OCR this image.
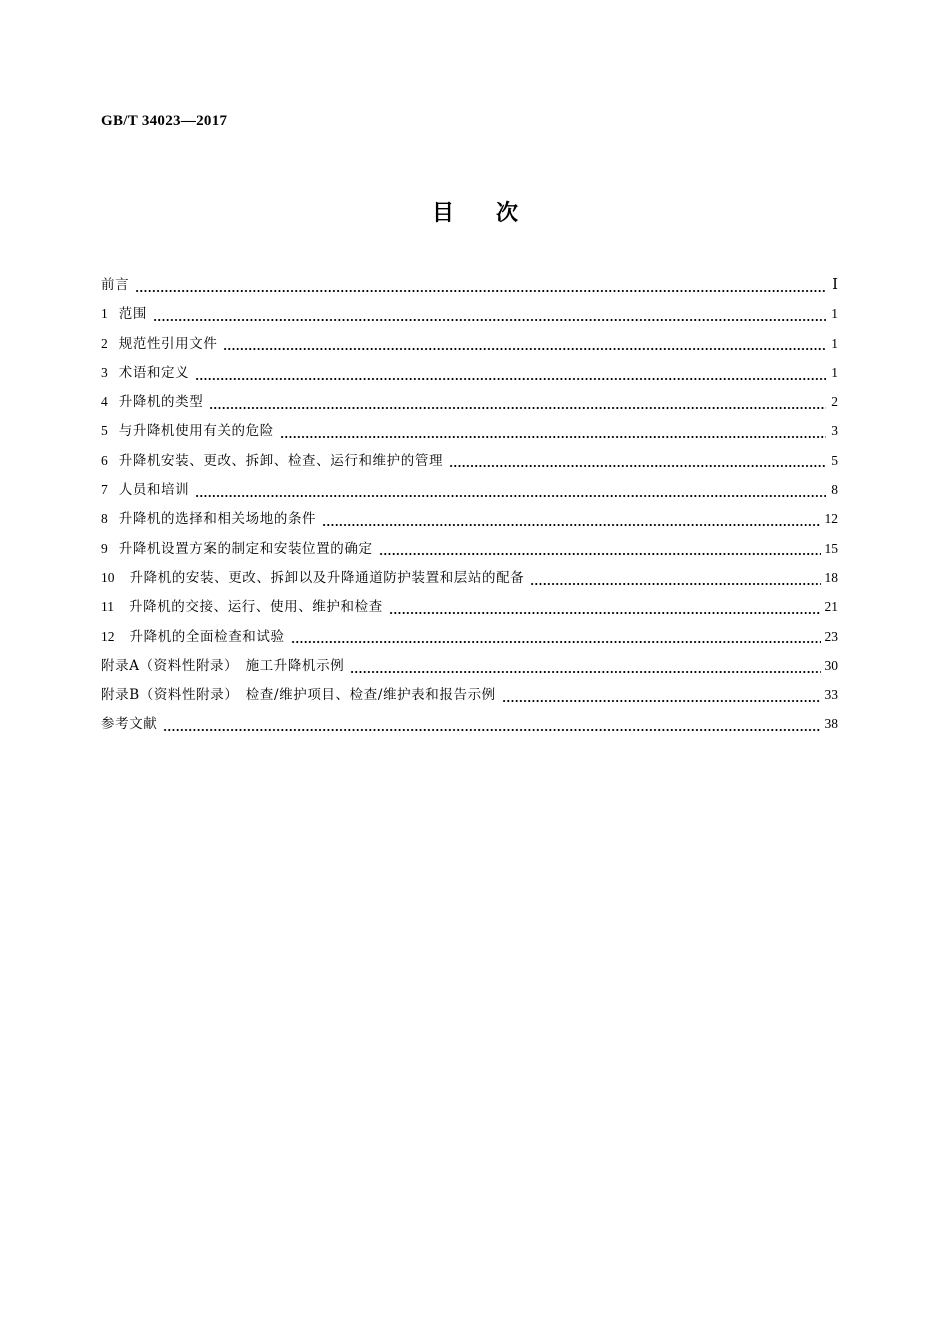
GB/T 34023—2017
目 次
前言	Ⅰ
1 范围	1
2 规范性引用文件	1
3 术语和定义	1
4 升降机的类型	2
5 与升降机使用有关的危险	3
6 升降机安装、更改、拆卸、检查、运行和维护的管理	5
7 人员和培训	8
8 升降机的选择和相关场地的条件	12
9 升降机设置方案的制定和安装位置的确定	15
10 升降机的安装、更改、拆卸以及升降通道防护装置和层站的配备	18
11 升降机的交接、运行、使用、维护和检查	21
12 升降机的全面检查和试验	23
附录A（资料性附录）　施工升降机示例	30
附录B（资料性附录）　检查/维护项目、检查/维护表和报告示例	33
参考文献	38
